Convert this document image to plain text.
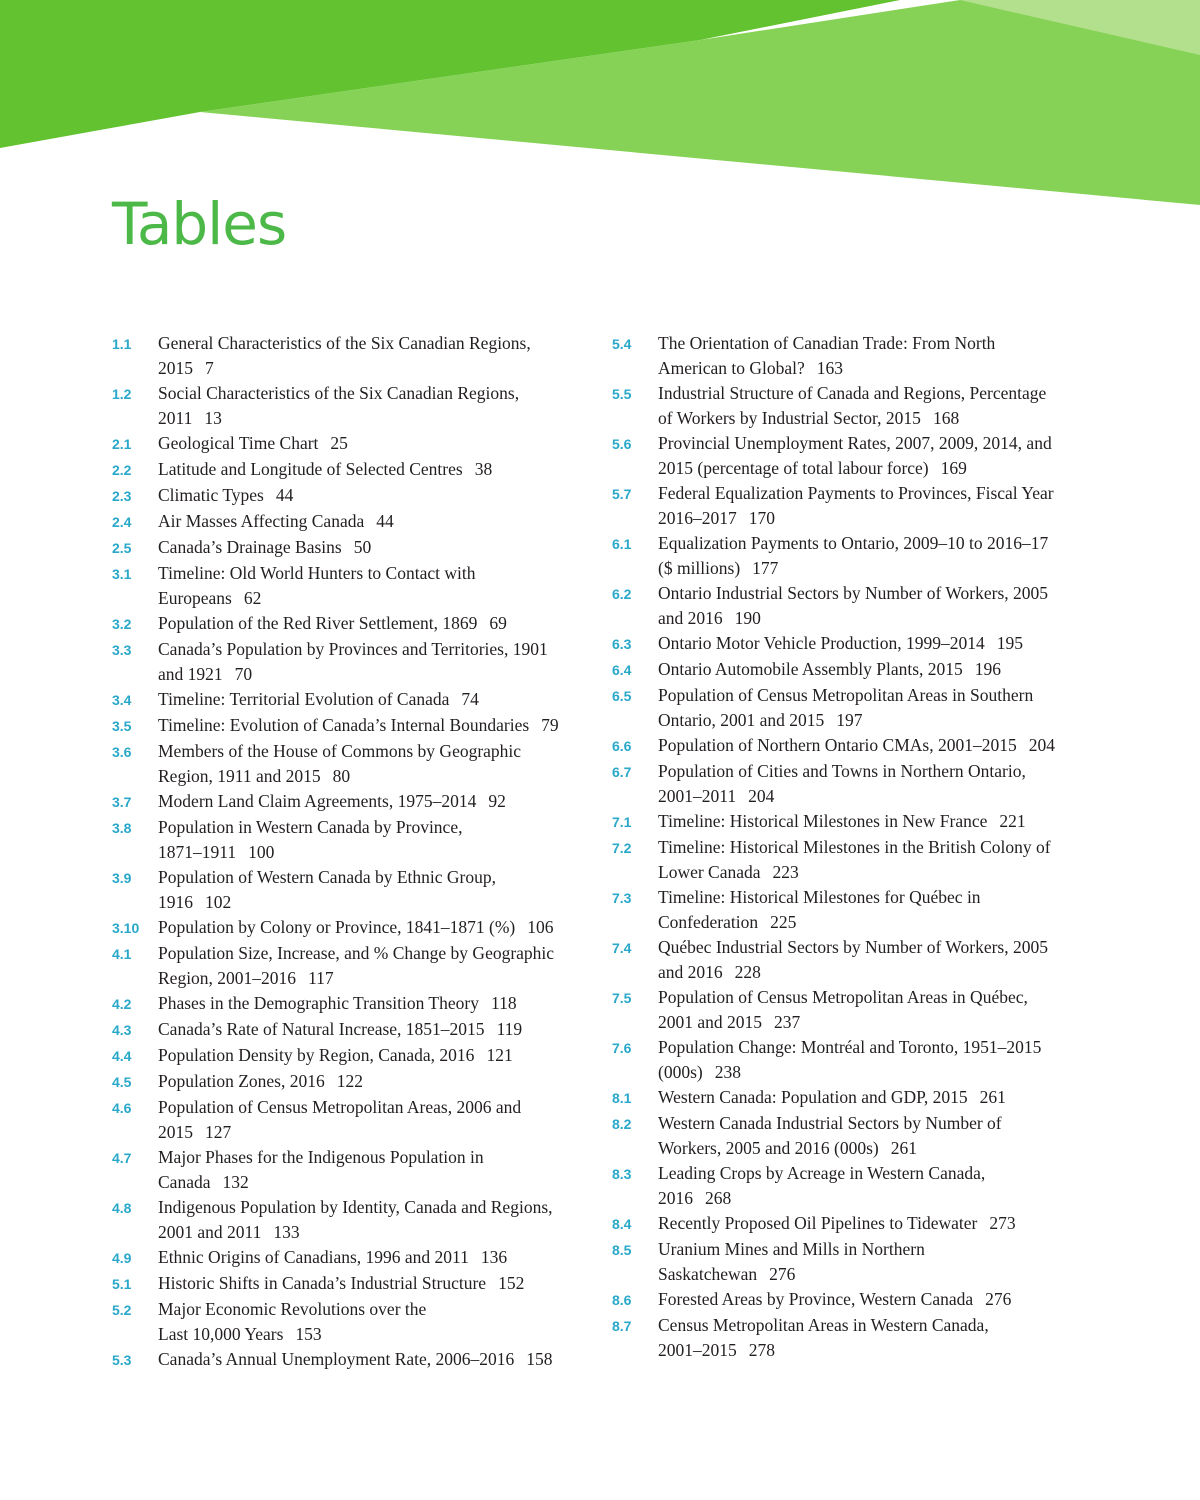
Tables
1.1	General Characteristics of the Six Canadian Regions,
2015 7
1.2	Social Characteristics of the Six Canadian Regions,
2011 13
2.1	Geological Time Chart 25
2.2	Latitude and Longitude of Selected Centres 38
2.3	Climatic Types 44
2.4	Air Masses Affecting Canada 44
2.5	Canada’s Drainage Basins 50
3.1	Timeline: Old World Hunters to Contact with
Europeans 62
3.2	Population of the Red River Settlement, 1869 69
3.3	Canada’s Population by Provinces and Territories, 1901
and 1921 70
3.4	Timeline: Territorial Evolution of Canada 74
3.5	Timeline: Evolution of Canada’s Internal Boundaries 79
3.6	Members of the House of Commons by Geographic
Region, 1911 and 2015 80
3.7	Modern Land Claim Agreements, 1975–2014 92
3.8	Population in Western Canada by Province,
1871–1911 100
3.9	Population of Western Canada by Ethnic Group,
1916 102
3.10	Population by Colony or Province, 1841–1871 (%) 106
4.1	Population Size, Increase, and % Change by Geographic
Region, 2001–2016 117
4.2	Phases in the Demographic Transition Theory 118
4.3	Canada’s Rate of Natural Increase, 1851–2015 119
4.4	Population Density by Region, Canada, 2016 121
4.5	Population Zones, 2016 122
4.6	Population of Census Metropolitan Areas, 2006 and
2015 127
4.7	Major Phases for the Indigenous Population in
Canada 132
4.8	Indigenous Population by Identity, Canada and Regions,
2001 and 2011 133
4.9	Ethnic Origins of Canadians, 1996 and 2011 136
5.1	Historic Shifts in Canada’s Industrial Structure 152
5.2	Major Economic Revolutions over the
Last 10,000 Years 153
5.3	Canada’s Annual Unemployment Rate, 2006–2016 158
5.4	The Orientation of Canadian Trade: From North
American to Global? 163
5.5	Industrial Structure of Canada and Regions, Percentage
of Workers by Industrial Sector, 2015 168
5.6	Provincial Unemployment Rates, 2007, 2009, 2014, and
2015 (percentage of total labour force) 169
5.7	Federal Equalization Payments to Provinces, Fiscal Year
2016–2017 170
6.1	Equalization Payments to Ontario, 2009–10 to 2016–17
($ millions) 177
6.2	Ontario Industrial Sectors by Number of Workers, 2005
and 2016 190
6.3	Ontario Motor Vehicle Production, 1999–2014 195
6.4	Ontario Automobile Assembly Plants, 2015 196
6.5	Population of Census Metropolitan Areas in Southern
Ontario, 2001 and 2015 197
6.6	Population of Northern Ontario CMAs, 2001–2015 204
6.7	Population of Cities and Towns in Northern Ontario,
2001–2011 204
7.1	Timeline: Historical Milestones in New France 221
7.2	Timeline: Historical Milestones in the British Colony of
Lower Canada 223
7.3	Timeline: Historical Milestones for Québec in
Confederation 225
7.4	Québec Industrial Sectors by Number of Workers, 2005
and 2016 228
7.5	Population of Census Metropolitan Areas in Québec,
2001 and 2015 237
7.6	Population Change: Montréal and Toronto, 1951–2015
(000s) 238
8.1	Western Canada: Population and GDP, 2015 261
8.2	Western Canada Industrial Sectors by Number of
Workers, 2005 and 2016 (000s) 261
8.3	Leading Crops by Acreage in Western Canada,
2016 268
8.4	Recently Proposed Oil Pipelines to Tidewater 273
8.5	Uranium Mines and Mills in Northern
Saskatchewan 276
8.6	Forested Areas by Province, Western Canada 276
8.7	Census Metropolitan Areas in Western Canada,
2001–2015 278
